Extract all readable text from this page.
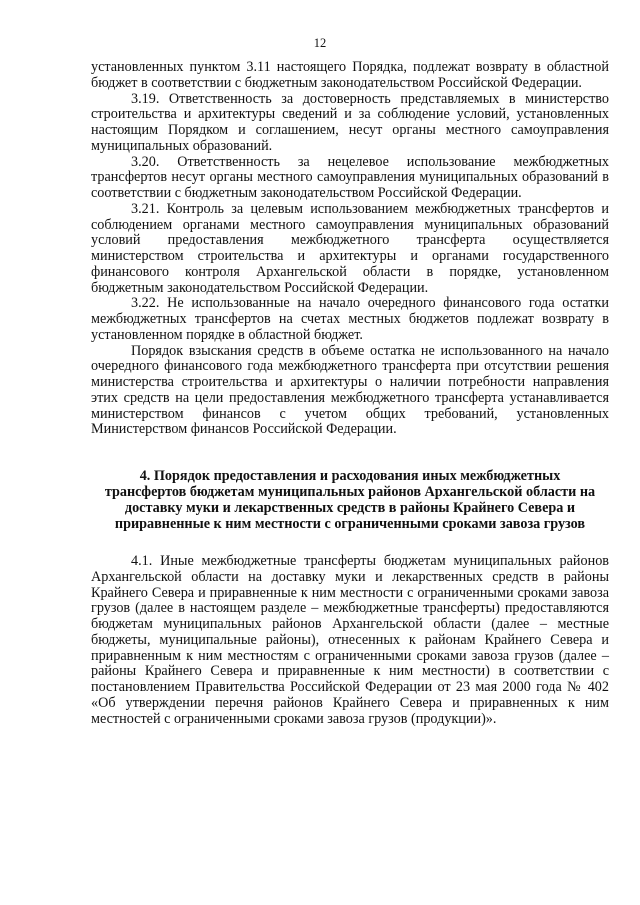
12

установленных пунктом 3.11 настоящего Порядка, подлежат возврату в областной бюджет в соответствии с бюджетным законодательством Российской Федерации.

3.19. Ответственность за достоверность представляемых в министерство строительства и архитектуры сведений и за соблюдение условий, установленных настоящим Порядком и соглашением, несут органы местного самоуправления муниципальных образований.

3.20. Ответственность за нецелевое использование межбюджетных трансфертов несут органы местного самоуправления муниципальных образований в соответствии с бюджетным законодательством Российской Федерации.

3.21. Контроль за целевым использованием межбюджетных трансфертов и соблюдением органами местного самоуправления муниципальных образований условий предоставления межбюджетного трансферта осуществляется министерством строительства и архитектуры и органами государственного финансового контроля Архангельской области в порядке, установленном бюджетным законодательством Российской Федерации.

3.22. Не использованные на начало очередного финансового года остатки межбюджетных трансфертов на счетах местных бюджетов подлежат возврату в установленном порядке в областной бюджет.

Порядок взыскания средств в объеме остатка не использованного на начало очередного финансового года межбюджетного трансферта при отсутствии решения министерства строительства и архитектуры о наличии потребности направления этих средств на цели предоставления межбюджетного трансферта устанавливается министерством финансов с учетом общих требований, установленных Министерством финансов Российской Федерации.

4. Порядок предоставления и расходования иных межбюджетных трансфертов бюджетам муниципальных районов Архангельской области на доставку муки и лекарственных средств в районы Крайнего Севера и приравненные к ним местности с ограниченными сроками завоза грузов

4.1. Иные межбюджетные трансферты бюджетам муниципальных районов Архангельской области на доставку муки и лекарственных средств в районы Крайнего Севера и приравненные к ним местности с ограниченными сроками завоза грузов (далее в настоящем разделе – межбюджетные трансферты) предоставляются бюджетам муниципальных районов Архангельской области (далее – местные бюджеты, муниципальные районы), отнесенных к районам Крайнего Севера и приравненным к ним местностям с ограниченными сроками завоза грузов (далее – районы Крайнего Севера и приравненные к ним местности) в соответствии с постановлением Правительства Российской Федерации от 23 мая 2000 года № 402 «Об утверждении перечня районов Крайнего Севера и приравненных к ним местностей с ограниченными сроками завоза грузов (продукции)».
